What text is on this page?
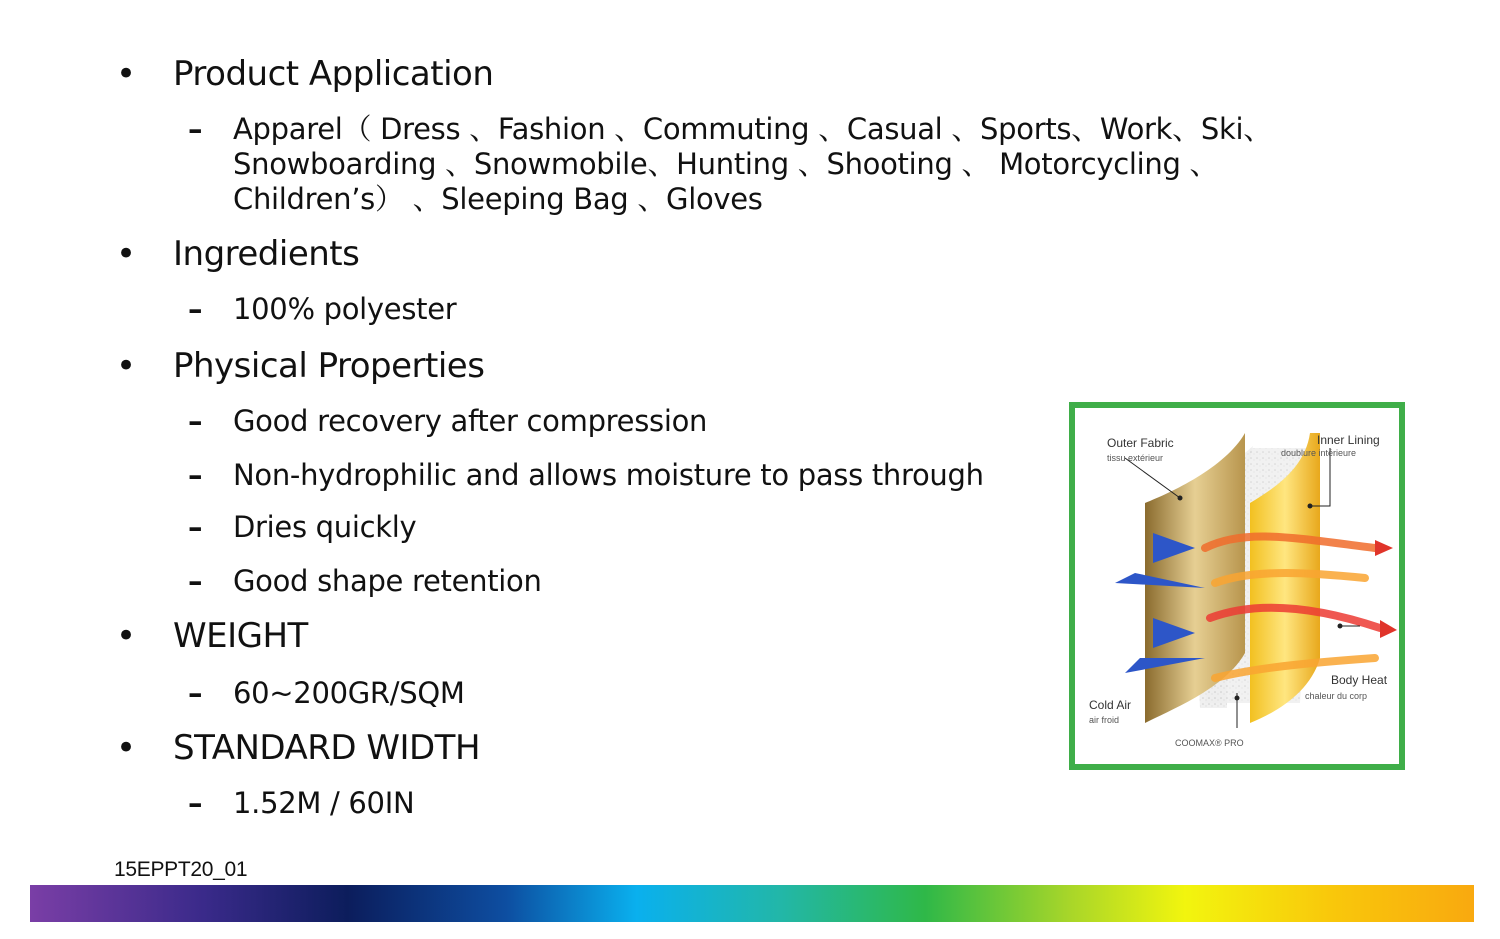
• Product Application
– Apparel（ Dress 、Fashion 、Commuting 、Casual 、Sports、Work、Ski、 Snowboarding 、Snowmobile、Hunting 、Shooting 、 Motorcycling 、 Children’s） 、Sleeping Bag 、Gloves
• Ingredients
– 100% polyester
• Physical Properties
– Good recovery after compression
– Non-hydrophilic and allows moisture to pass through
– Dries quickly
– Good shape retention
• WEIGHT
– 60~200GR/SQM
• STANDARD WIDTH
– 1.52M / 60IN
Outer Fabric
tissu extérieur
Inner Lining
doublure intérieure
Body Heat
chaleur du corp
Cold Air
air froid
COOMAX® PRO
15EPPT20_01
